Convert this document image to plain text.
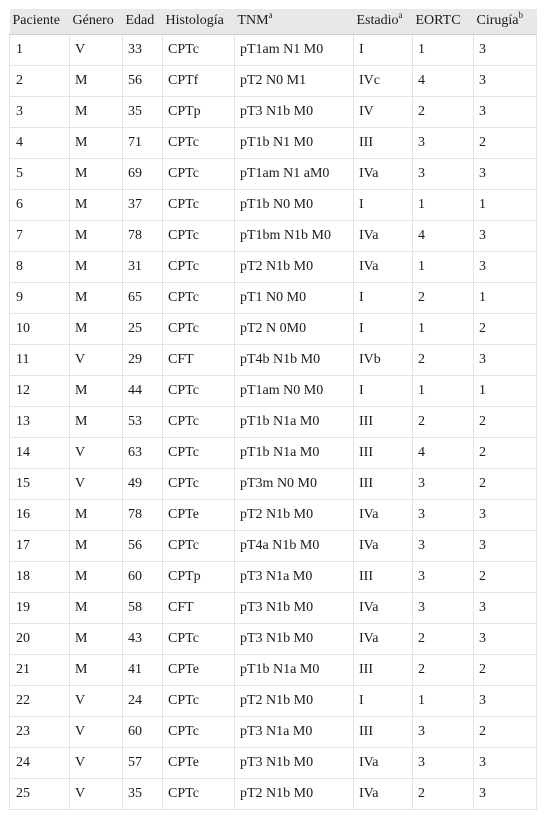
Paciente	Género	Edad	Histología	TNM$^a$	Estadio$^a$	EORTC	Cirugía$^b$
1	V	33	CPTc	pT1am N1 M0	I	1	3
2	M	56	CPTf	pT2 N0 M1	IVc	4	3
3	M	35	CPTp	pT3 N1b M0	IV	2	3
4	M	71	CPTc	pT1b N1 M0	III	3	2
5	M	69	CPTc	pT1am N1 aM0	IVa	3	3
6	M	37	CPTc	pT1b N0 M0	I	1	1
7	M	78	CPTc	pT1bm N1b M0	IVa	4	3
8	M	31	CPTc	pT2 N1b M0	IVa	1	3
9	M	65	CPTc	pT1 N0 M0	I	2	1
10	M	25	CPTc	pT2 N 0M0	I	1	2
11	V	29	CFT	pT4b N1b M0	IVb	2	3
12	M	44	CPTc	pT1am N0 M0	I	1	1
13	M	53	CPTc	pT1b N1a M0	III	2	2
14	V	63	CPTc	pT1b N1a M0	III	4	2
15	V	49	CPTc	pT3m N0 M0	III	3	2
16	M	78	CPTe	pT2 N1b M0	IVa	3	3
17	M	56	CPTc	pT4a N1b M0	IVa	3	3
18	M	60	CPTp	pT3 N1a M0	III	3	2
19	M	58	CFT	pT3 N1b M0	IVa	3	3
20	M	43	CPTc	pT3 N1b M0	IVa	2	3
21	M	41	CPTe	pT1b N1a M0	III	2	2
22	V	24	CPTc	pT2 N1b M0	I	1	3
23	V	60	CPTc	pT3 N1a M0	III	3	2
24	V	57	CPTe	pT3 N1b M0	IVa	3	3
25	V	35	CPTc	pT2 N1b M0	IVa	2	3
